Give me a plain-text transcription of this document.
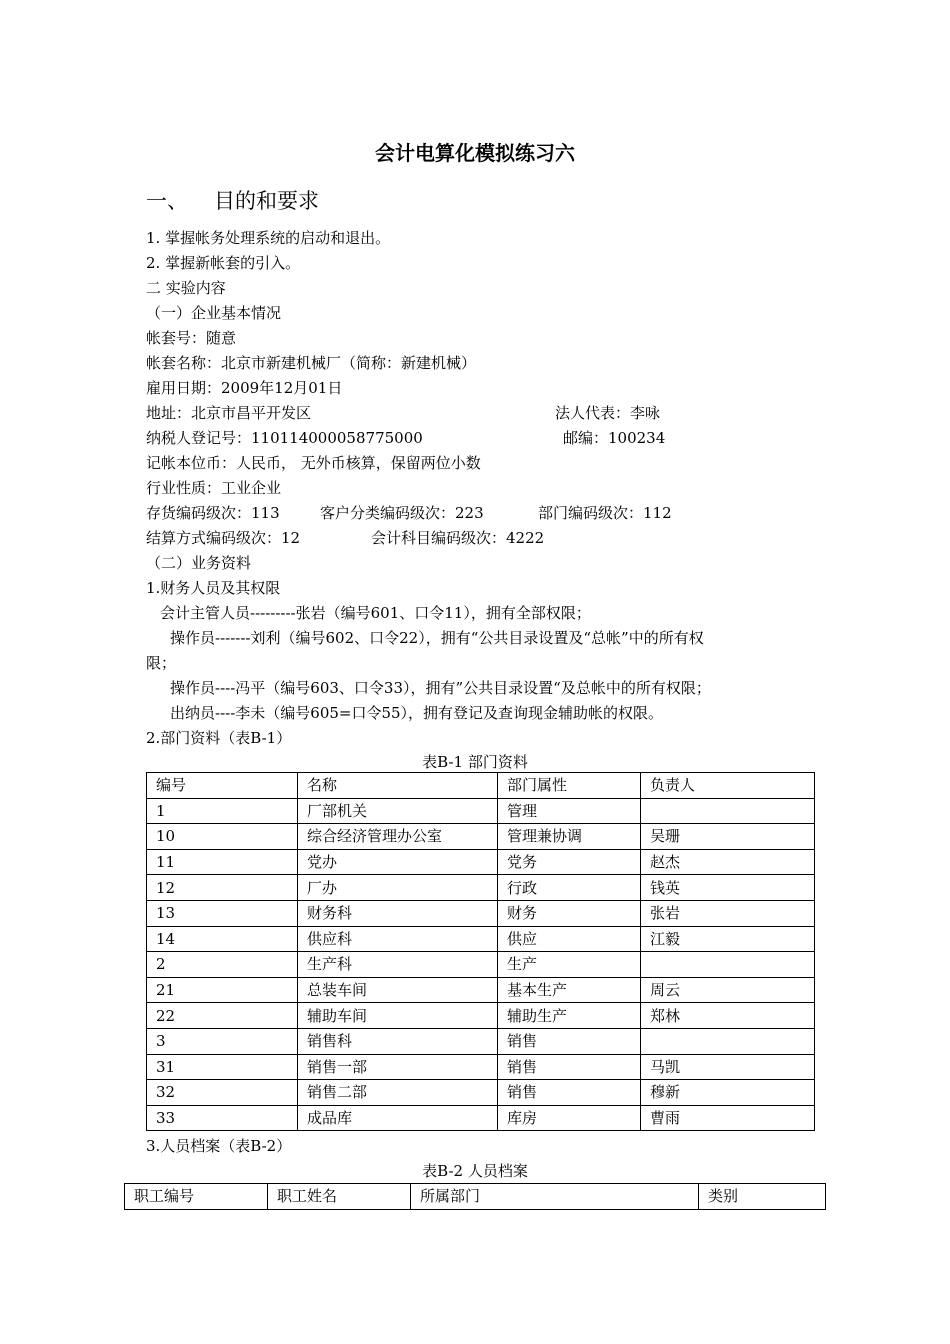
会计电算化模拟练习六
一、 目的和要求
1. 掌握帐务处理系统的启动和退出。
2. 掌握新帐套的引入。
二 实验内容
（一）企业基本情况
帐套号：随意
帐套名称：北京市新建机械厂（简称：新建机械）
雇用日期：2009年12月01日
地址：北京市昌平开发区	法人代表：李咏
纳税人登记号：110114000058775000	邮编：100234
记帐本位币：人民币， 无外币核算，保留两位小数
行业性质：工业企业
存货编码级次：113	客户分类编码级次：223	部门编码级次：112
结算方式编码级次：12	会计科目编码级次：4222
（二）业务资料
1.财务人员及其权限
会计主管人员---------张岩（编号601、口令11），拥有全部权限；
操作员-------刘利（编号602、口令22），拥有“公共目录设置及“总帐”中的所有权
限；
操作员----冯平（编号603、口令33），拥有”公共目录设置“及总帐中的所有权限；
出纳员----李未（编号605=口令55），拥有登记及查询现金辅助帐的权限。
2.部门资料（表B-1）
表B-1 部门资料
编号	名称	部门属性	负责人
1	厂部机关	管理	
10	综合经济管理办公室	管理兼协调	吴珊
11	党办	党务	赵杰
12	厂办	行政	钱英
13	财务科	财务	张岩
14	供应科	供应	江毅
2	生产科	生产	
21	总装车间	基本生产	周云
22	辅助车间	辅助生产	郑林
3	销售科	销售	
31	销售一部	销售	马凯
32	销售二部	销售	穆新
33	成品库	库房	曹雨
3.人员档案（表B-2）
表B-2 人员档案
职工编号	职工姓名	所属部门	类别
